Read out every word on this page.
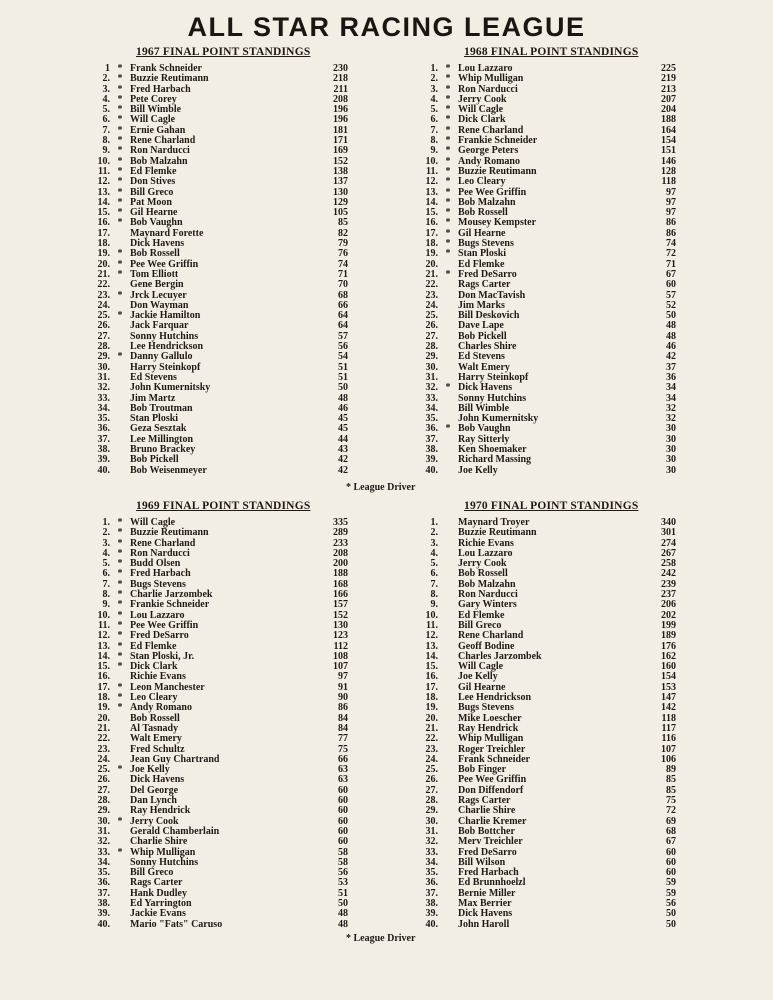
ALL STAR RACING LEAGUE
1967 FINAL POINT STANDINGS
1 * Frank Schneider	230
2. * Buzzie Reutimann	218
3. * Fred Harbach	211
4. * Pete Corey	208
5. * Bill Wimble	196
6. * Will Cagle	196
7. * Ernie Gahan	181
8. * Rene Charland	171
9. * Ron Narducci	169
10. * Bob Malzahn	152
11. * Ed Flemke	138
12. * Don Stives	137
13. * Bill Greco	130
14. * Pat Moon	129
15. * Gil Hearne	105
16. * Bob Vaughn	85
17. Maynard Forette	82
18. Dick Havens	79
19. * Bob Rossell	76
20. * Pee Wee Griffin	74
21. * Tom Elliott	71
22. Gene Bergin	70
23. * Jrck Lecuyer	68
24. Don Wayman	66
25. * Jackie Hamilton	64
26. Jack Farquar	64
27. Sonny Hutchins	57
28. Lee Hendrickson	56
29. * Danny Gallulo	54
30. Harry Steinkopf	51
31. Ed Stevens	51
32. John Kumernitsky	50
33. Jim Martz	48
34. Bob Troutman	46
35. Stan Ploski	45
36. Geza Sesztak	45
37. Lee Millington	44
38. Bruno Brackey	43
39. Bob Pickell	42
40. Bob Weisenmeyer	42
1968 FINAL POINT STANDINGS
1. * Lou Lazzaro	225
2. * Whip Mulligan	219
3. * Ron Narducci	213
4. * Jerry Cook	207
5. * Will Cagle	204
6. * Dick Clark	188
7. * Rene Charland	164
8. * Frankie Schneider	154
9. * George Peters	151
10. * Andy Romano	146
11. * Buzzie Reutimann	128
12. * Leo Cleary	118
13. * Pee Wee Griffin	97
14. * Bob Malzahn	97
15. * Bob Rossell	97
16. * Mousey Kempster	86
17. * Gil Hearne	86
18. * Bugs Stevens	74
19. * Stan Ploski	72
20. Ed Flemke	71
21. * Fred DeSarro	67
22. Rags Carter	60
23. Don MacTavish	57
24. Jim Marks	52
25. Bill Deskovich	50
26. Dave Lape	48
27. Bob Pickell	48
28. Charles Shire	46
29. Ed Stevens	42
30. Walt Emery	37
31. Harry Steinkopf	36
32. * Dick Havens	34
33. Sonny Hutchins	34
34. Bill Wimble	32
35. John Kumernitsky	32
36. * Bob Vaughn	30
37. Ray Sitterly	30
38. Ken Shoemaker	30
39. Richard Massing	30
40. Joe Kelly	30
* League Driver
1969 FINAL POINT STANDINGS
1. * Will Cagle	335
2. * Buzzie Reutimann	289
3. * Rene Charland	233
4. * Ron Narducci	208
5. * Budd Olsen	200
6. * Fred Harbach	188
7. * Bugs Stevens	168
8. * Charlie Jarzombek	166
9. * Frankie Schneider	157
10. * Lou Lazzaro	152
11. * Pee Wee Griffin	130
12. * Fred DeSarro	123
13. * Ed Flemke	112
14. * Stan Ploski, Jr.	108
15. * Dick Clark	107
16. Richie Evans	97
17. * Leon Manchester	91
18. * Leo Cleary	90
19. * Andy Romano	86
20. Bob Rossell	84
21. Al Tasnady	84
22. Walt Emery	77
23. Fred Schultz	75
24. Jean Guy Chartrand	66
25. * Joe Kelly	63
26. Dick Havens	63
27. Del George	60
28. Dan Lynch	60
29. Ray Hendrick	60
30. * Jerry Cook	60
31. Gerald Chamberlain	60
32. Charlie Shire	60
33. * Whip Mulligan	58
34. Sonny Hutchins	58
35. Bill Greco	56
36. Rags Carter	53
37. Hank Dudley	51
38. Ed Yarrington	50
39. Jackie Evans	48
40. Mario "Fats" Caruso	48
1970 FINAL POINT STANDINGS
1. Maynard Troyer	340
2. Buzzie Reutimann	301
3. Richie Evans	274
4. Lou Lazzaro	267
5. Jerry Cook	258
6. Bob Rossell	242
7. Bob Malzahn	239
8. Ron Narducci	237
9. Gary Winters	206
10. Ed Flemke	202
11. Bill Greco	199
12. Rene Charland	189
13. Geoff Bodine	176
14. Charles Jarzombek	162
15. Will Cagle	160
16. Joe Kelly	154
17. Gil Hearne	153
18. Lee Hendrickson	147
19. Bugs Stevens	142
20. Mike Loescher	118
21. Ray Hendrick	117
22. Whip Mulligan	116
23. Roger Treichler	107
24. Frank Schneider	106
25. Bob Finger	89
26. Pee Wee Griffin	85
27. Don Diffendorf	85
28. Rags Carter	75
29. Charlie Shire	72
30. Charlie Kremer	69
31. Bob Bottcher	68
32. Merv Treichler	67
33. Fred DeSarro	60
34. Bill Wilson	60
35. Fred Harbach	60
36. Ed Brunnhoelzl	59
37. Bernie Miller	59
38. Max Berrier	56
39. Dick Havens	50
40. John Haroll	50
* League Driver
